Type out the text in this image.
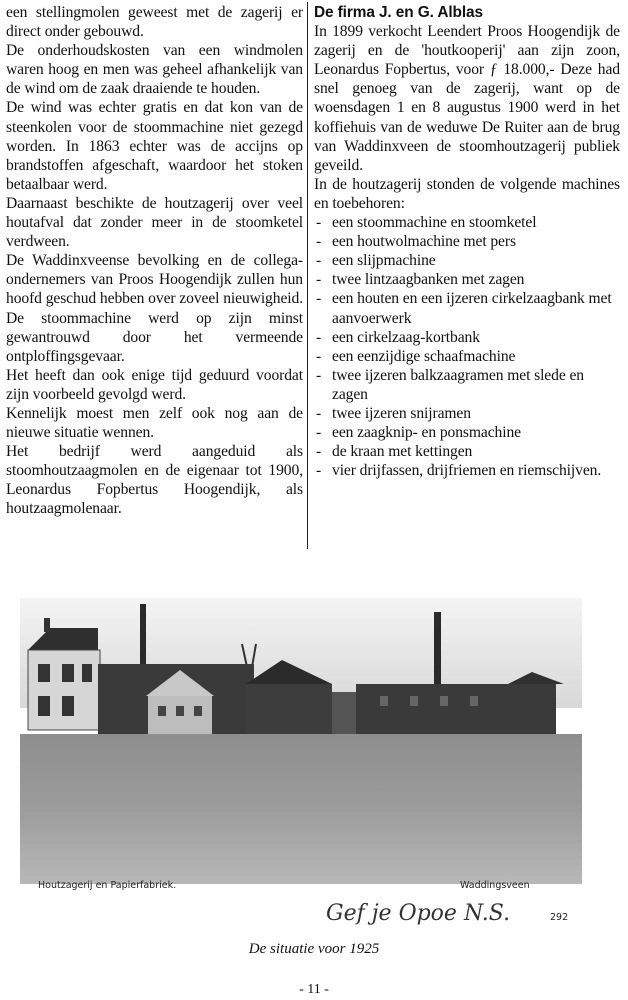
een stellingmolen geweest met de zagerij er direct onder gebouwd.

De onderhoudskosten van een windmolen waren hoog en men was geheel afhankelijk van de wind om de zaak draaiende te houden.

De wind was echter gratis en dat kon van de steenkolen voor de stoommachine niet gezegd worden. In 1863 echter was de accijns op brandstoffen afgeschaft, waardoor het stoken betaalbaar werd.

Daarnaast beschikte de houtzagerij over veel houtafval dat zonder meer in de stoomketel verdween.

De Waddinxveense bevolking en de collega-ondernemers van Proos Hoogendijk zullen hun hoofd geschud hebben over zoveel nieuwigheid. De stoommachine werd op zijn minst gewantrouwd door het vermeende ontploffingsgevaar.

Het heeft dan ook enige tijd geduurd voordat zijn voorbeeld gevolgd werd.

Kennelijk moest men zelf ook nog aan de nieuwe situatie wennen.

Het bedrijf werd aangeduid als stoomhoutzaagmolen en de eigenaar tot 1900, Leonardus Fopbertus Hoogendijk, als houtzaagmolenaar.

De firma J. en G. Alblas

In 1899 verkocht Leendert Proos Hoogendijk de zagerij en de 'houtkooperij' aan zijn zoon, Leonardus Fopbertus, voor ƒ 18.000,- Deze had snel genoeg van de zagerij, want op de woensdagen 1 en 8 augustus 1900 werd in het koffiehuis van de weduwe De Ruiter aan de brug van Waddinxveen de stoomhoutzagerij publiek geveild.

In de houtzagerij stonden de volgende machines en toebehoren:

- een stoommachine en stoomketel
- een houtwolmachine met pers
- een slijpmachine
- twee lintzaagbanken met zagen
- een houten en een ijzeren cirkelzaagbank met aanvoerwerk
- een cirkelzaag-kortbank
- een eenzijdige schaafmachine
- twee ijzeren balkzaagramen met slede en zagen
- twee ijzeren snijramen
- een zaagknip- en ponsmachine
- de kraan met kettingen
- vier drijfassen, drijfriemen en riemschijven.
Houtzagerij en Papierfabriek.	Waddingsveen
Gef je Opoe N.S.	292
De situatie voor 1925
- 11 -
